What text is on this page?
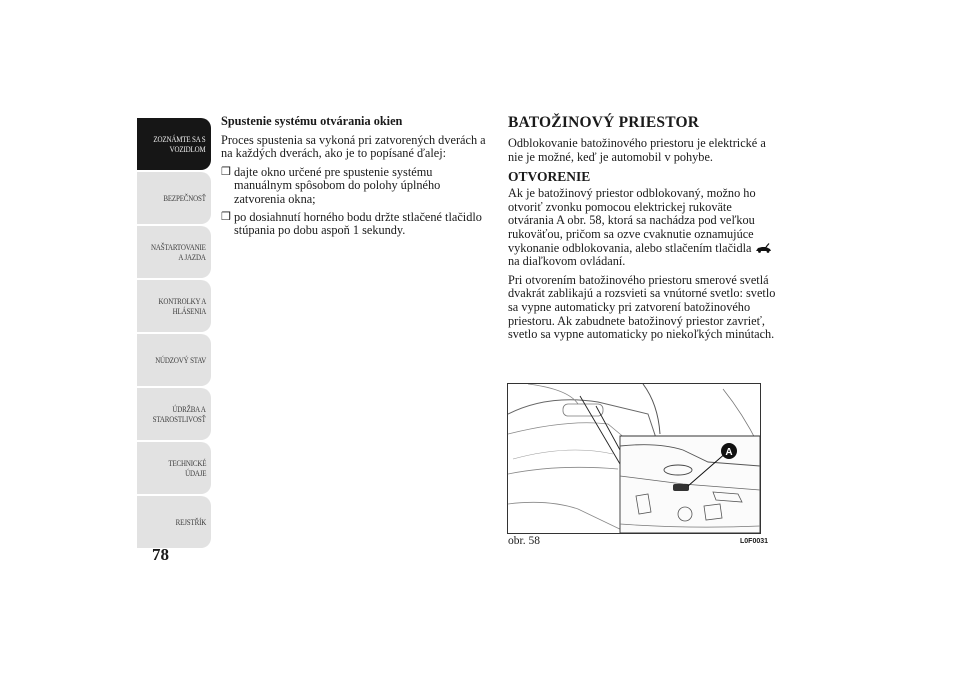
ZOZNÁMTE SA S
VOZIDLOM
BEZPEČNOSŤ
NAŠTARTOVANIE
A JAZDA
KONTROLKY A
HLÁSENIA
NÚDZOVÝ STAV
ÚDRŽBA A
STAROSTLIVOSŤ
TECHNICKÉ
ÚDAJE
REJSTŘÍK
78
Spustenie systému otvárania okien

Proces spustenia sa vykoná pri zatvorených dverách a na každých dverách, ako je to popísané ďalej:

❒ dajte okno určené pre spustenie systému manuálnym spôsobom do polohy úplného zatvorenia okna;
❒ po dosiahnutí horného bodu držte stlačené tlačidlo stúpania po dobu aspoň 1 sekundy.
BATOŽINOVÝ PRIESTOR

Odblokovanie batožinového priestoru je elektrické a nie je možné, keď je automobil v pohybe.

OTVORENIE

Ak je batožinový priestor odblokovaný, možno ho otvoriť zvonku pomocou elektrickej rukoväte otvárania A obr. 58, ktorá sa nachádza pod veľkou rukoväťou, pričom sa ozve cvaknutie oznamujúce vykonanie odblokovania, alebo stlačením tlačidla  na diaľkovom ovládaní.

Pri otvorením batožinového priestoru smerové svetlá dvakrát zablikajú a rozsvieti sa vnútorné svetlo: svetlo sa vypne automaticky pri zatvorení batožinového priestoru. Ak zabudnete batožinový priestor zavrieť, svetlo sa vypne automaticky po niekoľkých minútach.

A
obr. 58	L0F0031
